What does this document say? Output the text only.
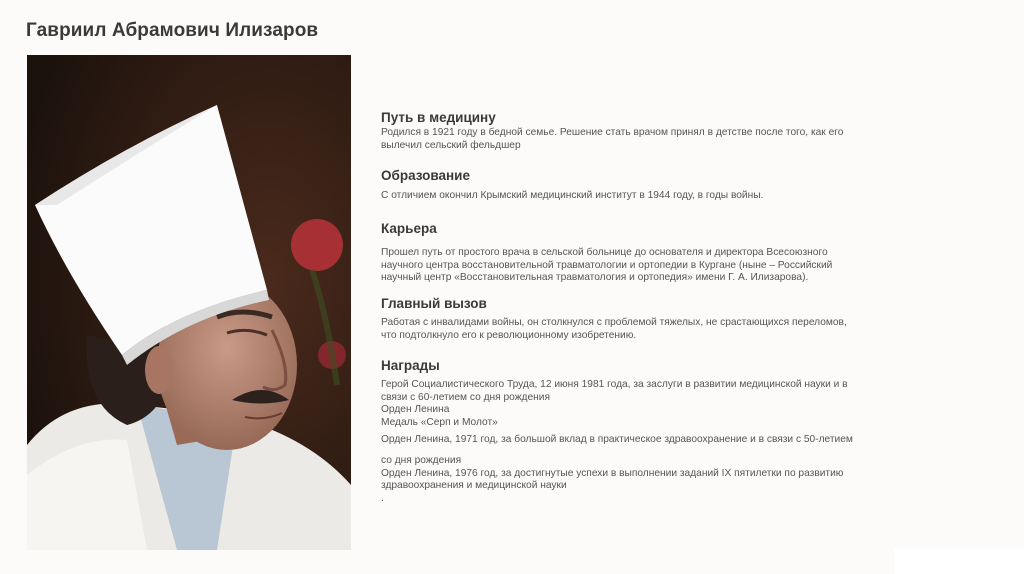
Гавриил Абрамович Илизаров
Путь в медицину
Родился в 1921 году в бедной семье. Решение стать врачом принял в детстве после того, как его
вылечил сельский фельдшер
Образование
С отличием окончил Крымский медицинский институт в 1944 году, в годы войны.
Карьера
Прошел путь от простого врача в сельской больнице до основателя и директора Всесоюзного
научного центра восстановительной травматологии и ортопедии в Кургане (ныне – Российский
научный центр «Восстановительная травматология и ортопедия» имени Г. А. Илизарова).
Главный вызов
Работая с инвалидами войны, он столкнулся с проблемой тяжелых, не срастающихся переломов,
что подтолкнуло его к революционному изобретению.
Награды
Герой Социалистического Труда, 12 июня 1981 года, за заслуги в развитии медицинской науки и в
связи с 60-летием со дня рождения
Орден Ленина
Медаль «Серп и Молот»
Орден Ленина, 1971 год, за большой вклад в практическое здравоохранение и в связи с 50-летием
со дня рождения
Орден Ленина, 1976 год, за достигнутые успехи в выполнении заданий IX пятилетки по развитию
здравоохранения и медицинской науки
.
